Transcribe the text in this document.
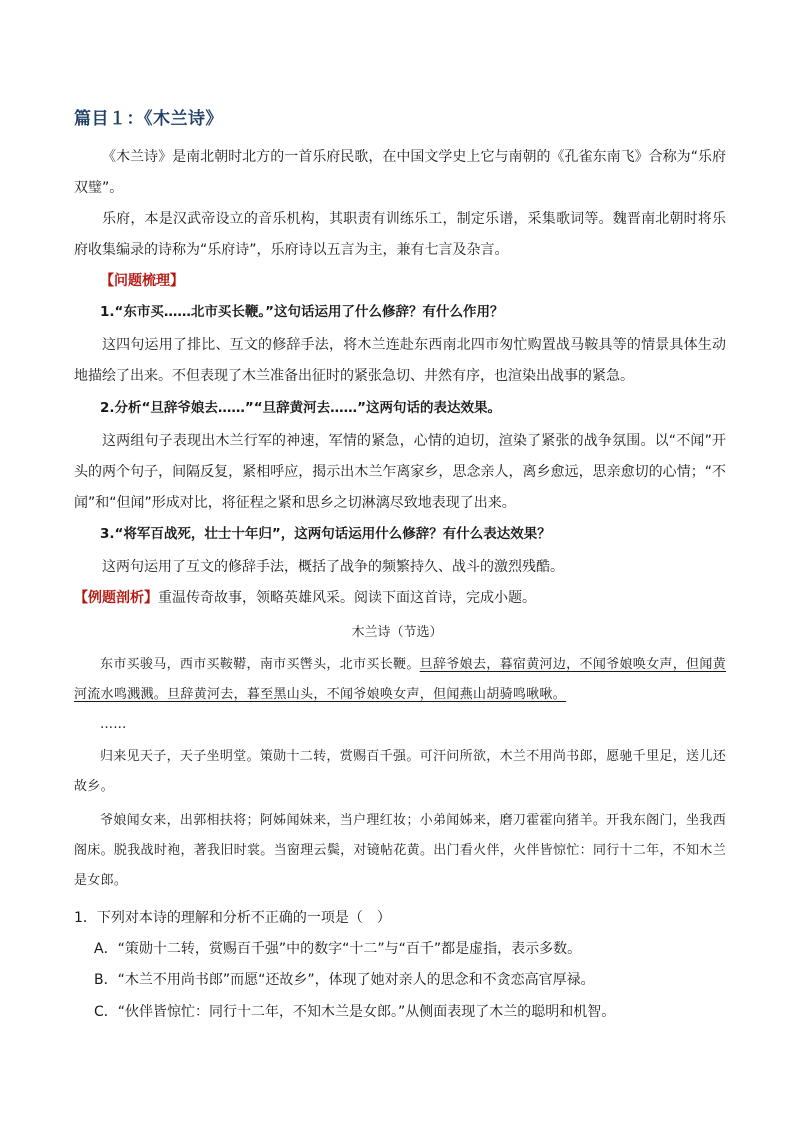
篇目１：《木兰诗》

《木兰诗》是南北朝时北方的一首乐府民歌，在中国文学史上它与南朝的《孔雀东南飞》合称为“乐府双璧”。

乐府，本是汉武帝设立的音乐机构，其职责有训练乐工，制定乐谱，采集歌词等。魏晋南北朝时将乐府收集编录的诗称为“乐府诗”，乐府诗以五言为主，兼有七言及杂言。

【问题梳理】

1.“东市买……北市买长鞭。”这句话运用了什么修辞？有什么作用？

这四句运用了排比、互文的修辞手法，将木兰连赴东西南北四市匆忙购置战马鞍具等的情景具体生动地描绘了出来。不但表现了木兰准备出征时的紧张急切、井然有序，也渲染出战事的紧急。

2.分析“旦辞爷娘去……”“旦辞黄河去……”这两句话的表达效果。

这两组句子表现出木兰行军的神速，军情的紧急，心情的迫切，渲染了紧张的战争氛围。以“不闻”开头的两个句子，间隔反复，紧相呼应，揭示出木兰乍离家乡，思念亲人，离乡愈远，思亲愈切的心情；“不闻”和“但闻”形成对比，将征程之紧和思乡之切淋漓尽致地表现了出来。

3.“将军百战死，壮士十年归”，这两句话运用什么修辞？有什么表达效果？

这两句运用了互文的修辞手法，概括了战争的频繁持久、战斗的激烈残酷。

【例题剖析】重温传奇故事，领略英雄风采。阅读下面这首诗，完成小题。
木兰诗（节选）

东市买骏马，西市买鞍鞯，南市买辔头，北市买长鞭。旦辞爷娘去，暮宿黄河边，不闻爷娘唤女声，但闻黄河流水鸣溅溅。旦辞黄河去，暮至黑山头，不闻爷娘唤女声，但闻燕山胡骑鸣啾啾。

……

归来见天子，天子坐明堂。策勋十二转，赏赐百千强。可汗问所欲，木兰不用尚书郎，愿驰千里足，送儿还故乡。

爷娘闻女来，出郭相扶将；阿姊闻妹来，当户理红妆；小弟闻姊来，磨刀霍霍向猪羊。开我东阁门，坐我西阁床。脱我战时袍，著我旧时裳。当窗理云鬓，对镜帖花黄。出门看火伴，火伴皆惊忙：同行十二年，不知木兰是女郎。

1．下列对本诗的理解和分析不正确的一项是（　）
A．“策勋十二转，赏赐百千强”中的数字“十二”与“百千”都是虚指，表示多数。
B．“木兰不用尚书郎”而愿“还故乡”，体现了她对亲人的思念和不贪恋高官厚禄。
C．“伙伴皆惊忙：同行十二年，不知木兰是女郎。”从侧面表现了木兰的聪明和机智。
